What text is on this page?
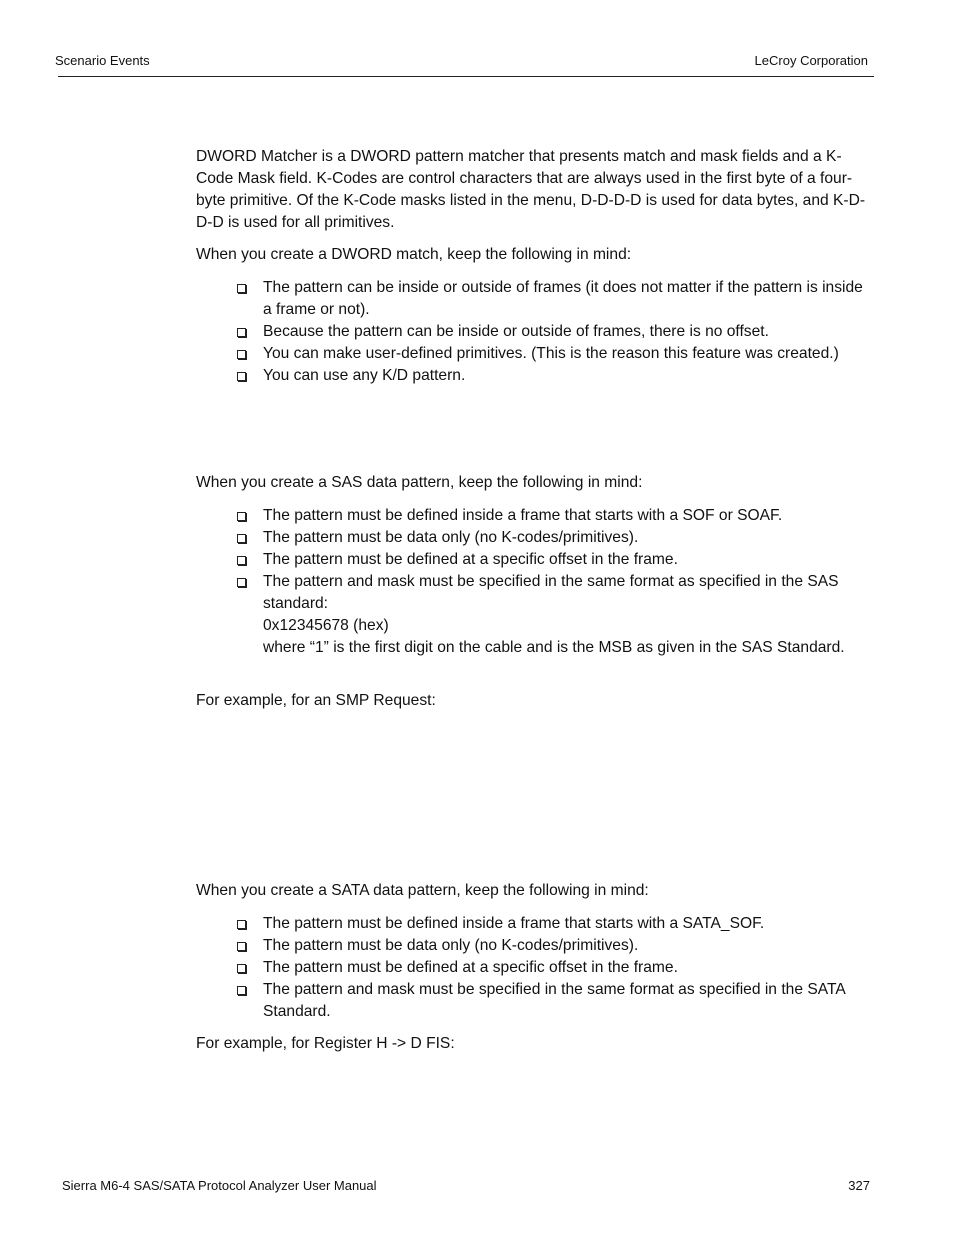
Scenario Events	LeCroy Corporation

DWORD Matcher is a DWORD pattern matcher that presents match and mask fields and a K-Code Mask field. K-Codes are control characters that are always used in the first byte of a four-byte primitive. Of the K-Code masks listed in the menu, D-D-D-D is used for data bytes, and K-D-D-D is used for all primitives.

When you create a DWORD match, keep the following in mind:

The pattern can be inside or outside of frames (it does not matter if the pattern is inside a frame or not).
Because the pattern can be inside or outside of frames, there is no offset.
You can make user-defined primitives. (This is the reason this feature was created.)
You can use any K/D pattern.

When you create a SAS data pattern, keep the following in mind:

The pattern must be defined inside a frame that starts with a SOF or SOAF.
The pattern must be data only (no K-codes/primitives).
The pattern must be defined at a specific offset in the frame.
The pattern and mask must be specified in the same format as specified in the SAS standard:
0x12345678 (hex)
where “1” is the first digit on the cable and is the MSB as given in the SAS Standard.

For example, for an SMP Request:

When you create a SATA data pattern, keep the following in mind:

The pattern must be defined inside a frame that starts with a SATA_SOF.
The pattern must be data only (no K-codes/primitives).
The pattern must be defined at a specific offset in the frame.
The pattern and mask must be specified in the same format as specified in the SATA Standard.

For example, for Register H -> D FIS:

Sierra M6-4 SAS/SATA Protocol Analyzer User Manual	327
